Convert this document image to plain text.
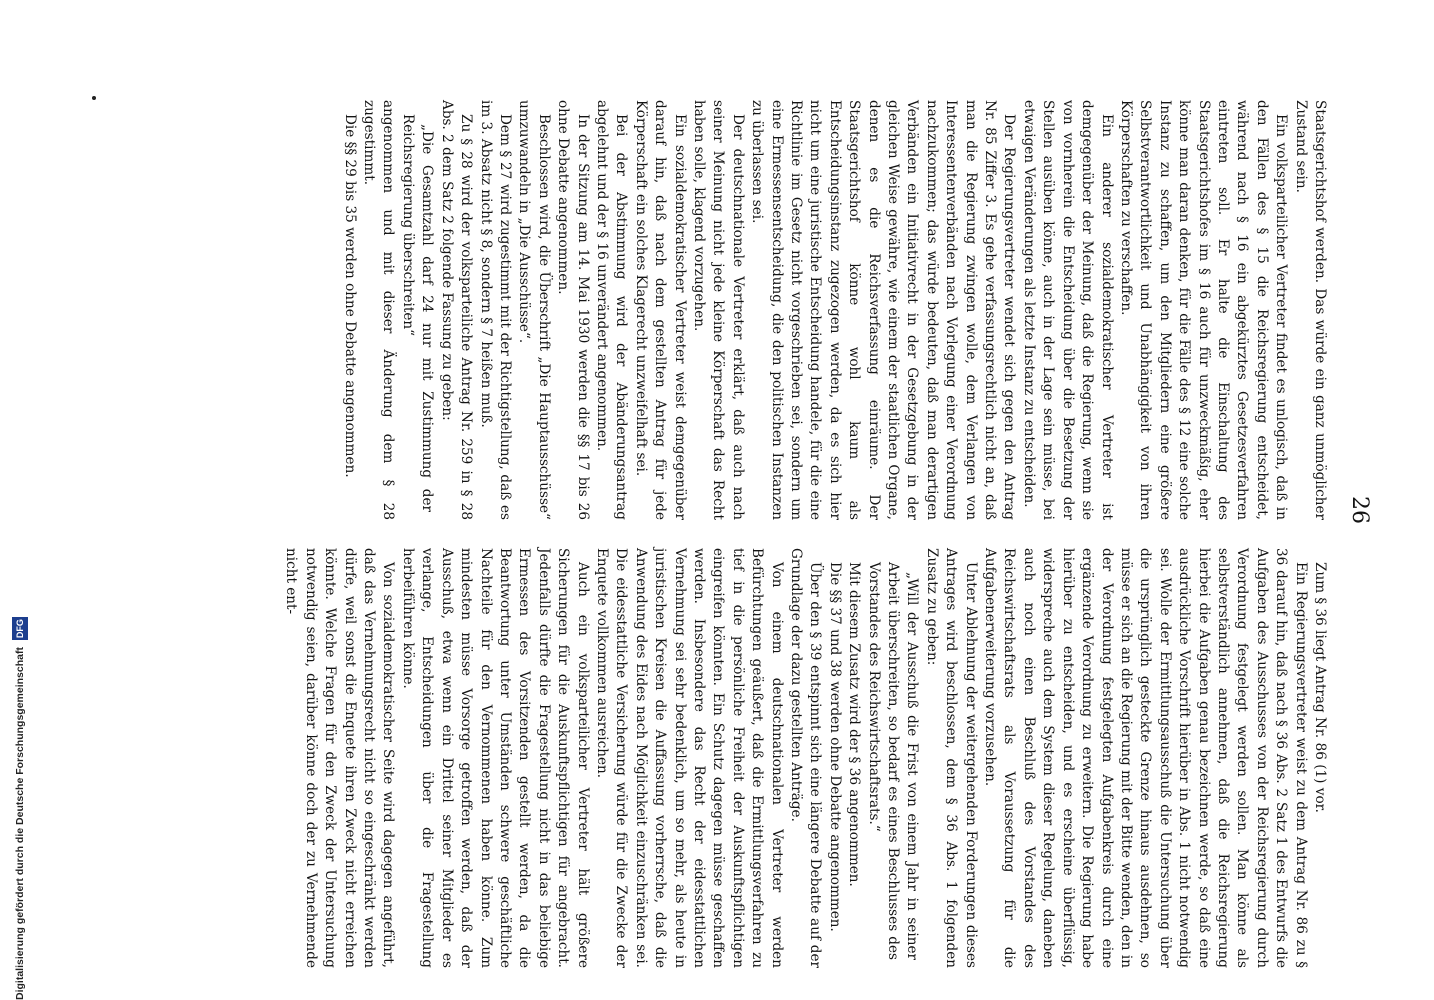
26

Staatsgerichtshof werden. Das würde ein ganz unmöglicher Zustand sein.

Ein volksparteilicher Vertreter findet es unlogisch, daß in den Fällen des § 15 die Reichsregierung entscheidet, während nach § 16 ein abgekürztes Gesetzesverfahren eintreten soll. Er halte die Einschaltung des Staatsgerichtshofes im § 16 auch für unzweckmäßig, eher könne man daran denken, für die Fälle des § 12 eine solche Instanz zu schaffen, um den Mitgliedern eine größere Selbstverantwortlichkeit und Unabhängigkeit von ihren Körperschaften zu verschaffen.

Ein anderer sozialdemokratischer Vertreter ist demgegenüber der Meinung, daß die Regierung, wenn sie von vornherein die Entscheidung über die Besetzung der Stellen ausüben könne, auch in der Lage sein müsse, bei etwaigen Veränderungen als letzte Instanz zu entscheiden.

Der Regierungsvertreter wendet sich gegen den Antrag Nr. 85 Ziffer 3. Es gehe verfassungsrechtlich nicht an, daß man die Regierung zwingen wolle, dem Verlangen von Interessentenverbänden nach Vorlegung einer Verordnung nachzukommen; das würde bedeuten, daß man derartigen Verbänden ein Initiativrecht in der Gesetzgebung in der gleichen Weise gewähre, wie einem der staatlichen Organe, denen es die Reichsverfassung einräume. Der Staatsgerichtshof könne wohl kaum als Entscheidungsinstanz zugezogen werden, da es sich hier nicht um eine juristische Entscheidung handele, für die eine Richtlinie im Gesetz nicht vorgeschrieben sei, sondern um eine Ermessensentscheidung, die den politischen Instanzen zu überlassen sei.

Der deutschnationale Vertreter erklärt, daß auch nach seiner Meinung nicht jede kleine Körperschaft das Recht haben solle, klagend vorzugehen.

Ein sozialdemokratischer Vertreter weist demgegenüber darauf hin, daß nach dem gestellten Antrag für jede Körperschaft ein solches Klagerecht unzweifelhaft sei.

Bei der Abstimmung wird der Abänderungsantrag abgelehnt und der § 16 unverändert angenommen.

In der Sitzung am 14. Mai 1930 werden die §§ 17 bis 26 ohne Debatte angenommen.

Beschlossen wird, die Überschrift „Die Hauptausschüsse“ umzuwandeln in „Die Ausschüsse“.

Dem § 27 wird zugestimmt mit der Richtigstellung, daß es im 3. Absatz nicht § 8, sondern § 7 heißen muß.

Zu § 28 wird der volksparteiliche Antrag Nr. 259 in § 28 Abs. 2 dem Satz 2 folgende Fassung zu geben:

„Die Gesamtzahl darf 24 nur mit Zustimmung der Reichsregierung überschreiten“

angenommen und mit dieser Änderung dem § 28 zugestimmt.

Die §§ 29 bis 35 werden ohne Debatte angenommen.

Zum § 36 liegt Antrag Nr. 86 (1) vor.

Ein Regierungsvertreter weist zu dem Antrag Nr. 86 zu § 36 darauf hin, daß nach § 36 Abs. 2 Satz 1 des Entwurfs die Aufgaben des Ausschusses von der Reichsregierung durch Verordnung festgelegt werden sollen. Man könne als selbstverständlich annehmen, daß die Reichsregierung hierbei die Aufgaben genau bezeichnen werde, so daß eine ausdrückliche Vorschrift hierüber in Abs. 1 nicht notwendig sei. Wolle der Ermittlungsausschuß die Untersuchung über die ursprünglich gesteckte Grenze hinaus ausdehnen, so müsse er sich an die Regierung mit der Bitte wenden, den in der Verordnung festgelegten Aufgabenkreis durch eine ergänzende Verordnung zu erweitern. Die Regierung habe hierüber zu entscheiden, und es erscheine überflüssig, widerspreche auch dem System dieser Regelung, daneben auch noch einen Beschluß des Vorstandes des Reichswirtschaftsrats als Voraussetzung für die Aufgabenerweiterung vorzusehen.

Unter Ablehnung der weitergehenden Forderungen dieses Antrages wird beschlossen, dem § 36 Abs. 1 folgenden Zusatz zu geben:

„Will der Ausschuß die Frist von einem Jahr in seiner Arbeit überschreiten, so bedarf es eines Beschlusses des Vorstandes des Reichswirtschaftsrats.“

Mit diesem Zusatz wird der § 36 angenommen.

Die §§ 37 und 38 werden ohne Debatte angenommen.

Über den § 39 entspinnt sich eine längere Debatte auf der Grundlage der dazu gestellten Anträge.

Von einem deutschnationalen Vertreter werden Befürchtungen geäußert, daß die Ermittlungsverfahren zu tief in die persönliche Freiheit der Auskunftspflichtigen eingreifen könnten. Ein Schutz dagegen müsse geschaffen werden. Insbesondere das Recht der eidesstattlichen Vernehmung sei sehr bedenklich, um so mehr, als heute in juristischen Kreisen die Auffassung vorherrsche, daß die Anwendung des Eides nach Möglichkeit einzuschränken sei. Die eidesstattliche Versicherung würde für die Zwecke der Enquete vollkommen ausreichen.

Auch ein volksparteilicher Vertreter hält größere Sicherungen für die Auskunftspflichtigen für angebracht. Jedenfalls dürfte die Fragestellung nicht in das beliebige Ermessen des Vorsitzenden gestellt werden, da die Beantwortung unter Umständen schwere geschäftliche Nachteile für den Vernommenen haben könne. Zum mindesten müsse Vorsorge getroffen werden, daß der Ausschuß, etwa wenn ein Drittel seiner Mitglieder es verlange, Entscheidungen über die Fragestellung herbeiführen könne.

Von sozialdemokratischer Seite wird dagegen angeführt, daß das Vernehmungsrecht nicht so eingeschränkt werden dürfe, weil sonst die Enquete ihren Zweck nicht erreichen könnte. Welche Fragen für den Zweck der Untersuchung notwendig seien, darüber könne doch der zu Vernehmende nicht ent-

Digitalisierung gefördert durch die Deutsche Forschungsgemeinschaft DFG
